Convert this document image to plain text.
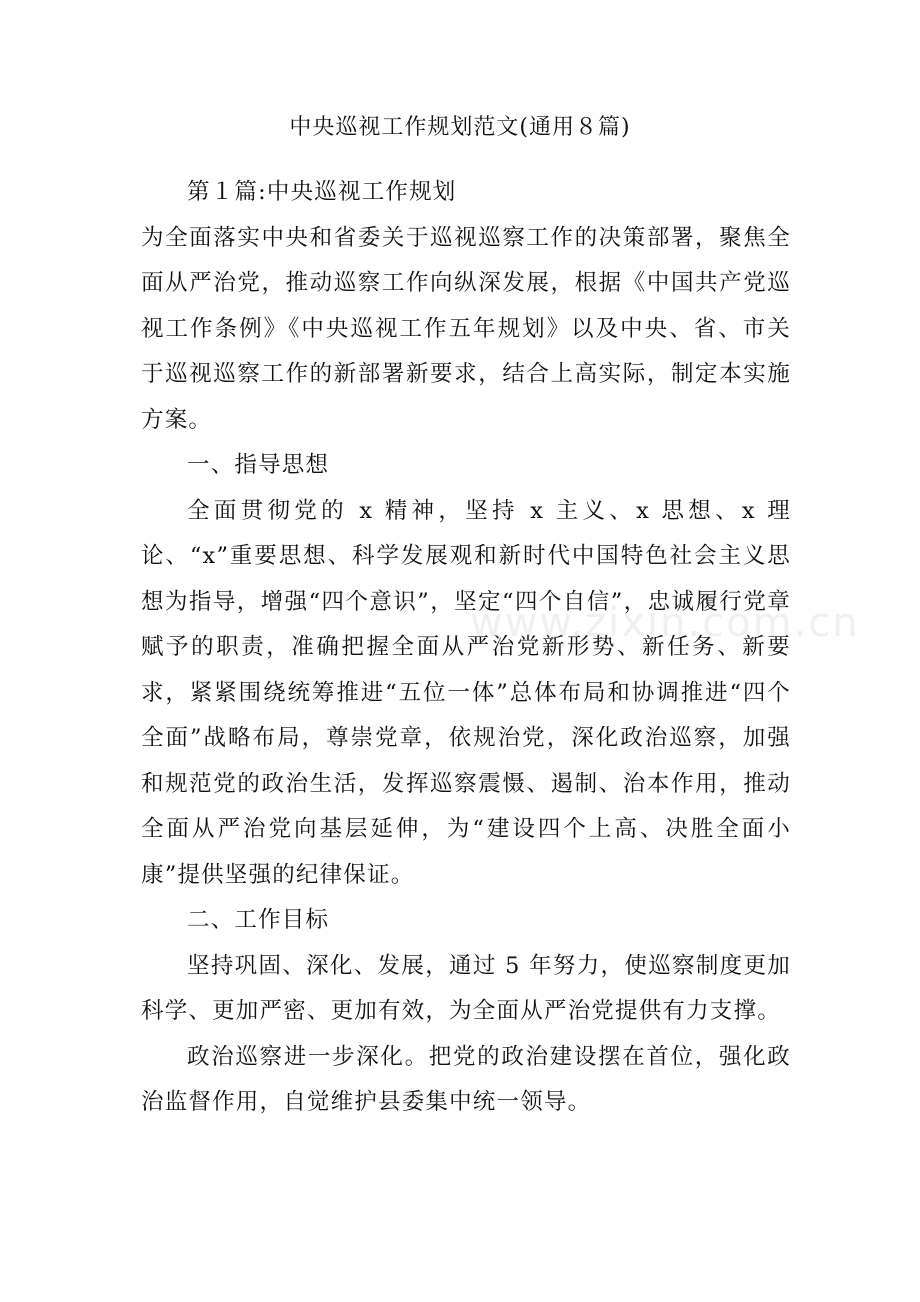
中央巡视工作规划范文(通用８篇)

第１篇:中央巡视工作规划

为全面落实中央和省委关于巡视巡察工作的决策部署，聚焦全面从严治党，推动巡察工作向纵深发展，根据《中国共产党巡视工作条例》《中央巡视工作五年规划》以及中央、省、市关于巡视巡察工作的新部署新要求，结合上高实际，制定本实施方案。

一、指导思想

全面贯彻党的 x 精神，坚持 x 主义、x 思想、x 理论、“x”重要思想、科学发展观和新时代中国特色社会主义思想为指导，增强“四个意识”，坚定“四个自信”，忠诚履行党章赋予的职责，准确把握全面从严治党新形势、新任务、新要求，紧紧围绕统筹推进“五位一体”总体布局和协调推进“四个全面”战略布局，尊崇党章，依规治党，深化政治巡察，加强和规范党的政治生活，发挥巡察震慑、遏制、治本作用，推动全面从严治党向基层延伸，为“建设四个上高、决胜全面小康”提供坚强的纪律保证。

二、工作目标

坚持巩固、深化、发展，通过 5 年努力，使巡察制度更加科学、更加严密、更加有效，为全面从严治党提供有力支撑。

政治巡察进一步深化。把党的政治建设摆在首位，强化政治监督作用，自觉维护县委集中统一领导。

www.zixin.com.cn
